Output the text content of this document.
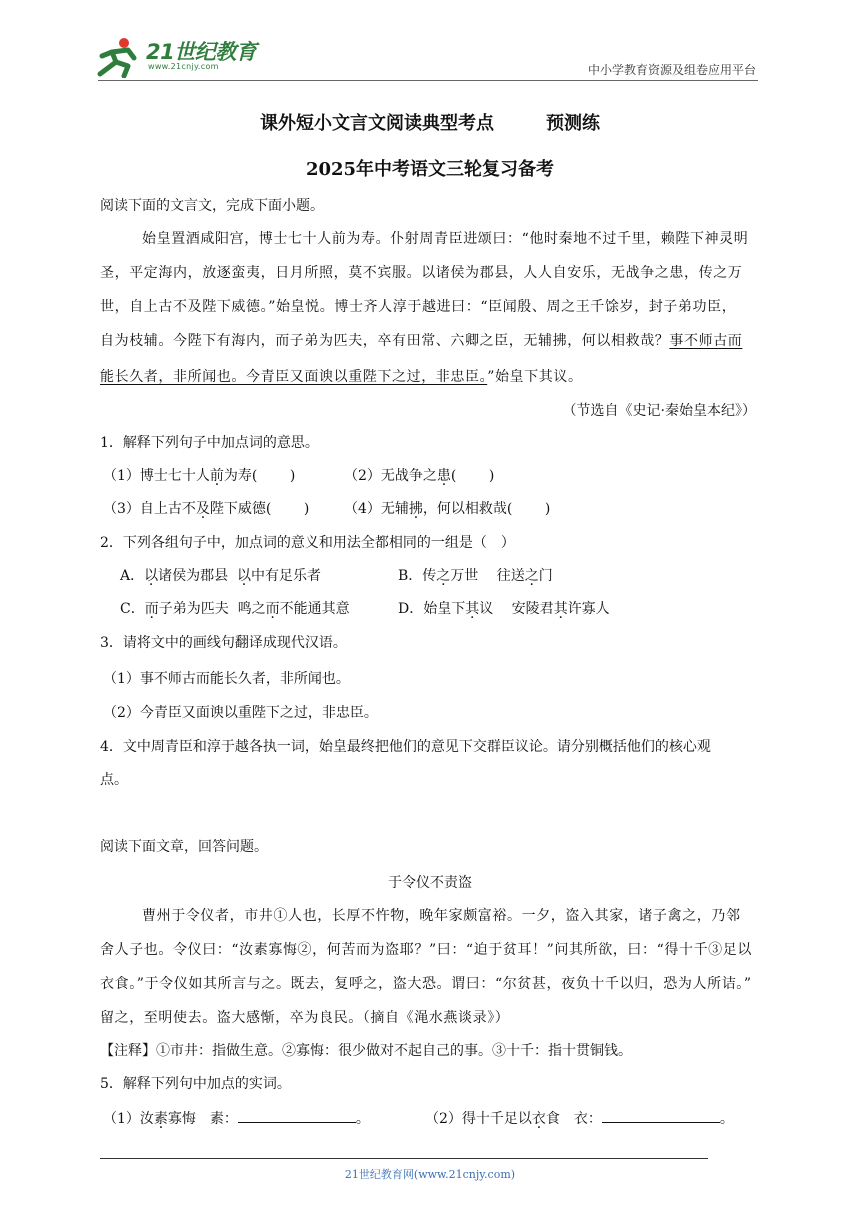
21世纪教育
www.21cnjy.com	中小学教育资源及组卷应用平台
课外短小文言文阅读典型考点	预测练
2025年中考语文三轮复习备考
阅读下面的文言文，完成下面小题。
始皇置酒咸阳宫，博士七十人前为寿。仆射周青臣进颂曰：“他时秦地不过千里，赖陛下神灵明
圣，平定海内，放逐蛮夷，日月所照，莫不宾服。以诸侯为郡县，人人自安乐，无战争之患，传之万
世，自上古不及陛下威德。”始皇悦。博士齐人淳于越进曰：“臣闻殷、周之王千馀岁，封子弟功臣，
自为枝辅。今陛下有海内，而子弟为匹夫，卒有田常、六卿之臣，无辅拂，何以相救哉？事不师古而
能长久者，非所闻也。今青臣又面谀以重陛下之过，非忠臣。”始皇下其议。
（节选自《史记·秦始皇本纪》）
1．解释下列句子中加点词的意思。
（1）博士七十人前为寿(　　 )	（2）无战争之患(　　 )
（3）自上古不及陛下威德(　　 ) （4）无辅拂，何以相救哉(　　 )
2．下列各组句子中，加点词的意义和用法全都相同的一组是（　）
A．以诸侯为郡县  以中有足乐者	B．传之万世　 往送之门
C．而子弟为匹夫  鸣之而不能通其意	D．始皇下其议　 安陵君其许寡人
3．请将文中的画线句翻译成现代汉语。
（1）事不师古而能长久者，非所闻也。
（2）今青臣又面谀以重陛下之过，非忠臣。
4．文中周青臣和淳于越各执一词，始皇最终把他们的意见下交群臣议论。请分别概括他们的核心观
点。
阅读下面文章，回答问题。
于令仪不责盗
曹州于令仪者，市井①人也，长厚不忤物，晚年家颇富裕。一夕，盗入其家，诸子禽之，乃邻
舍人子也。令仪曰：“汝素寡悔②，何苦而为盗耶？”曰：“迫于贫耳！”问其所欲，曰：“得十千③足以
衣食。”于令仪如其所言与之。既去，复呼之，盗大恐。谓曰：“尔贫甚，夜负十千以归，恐为人所诘。”
留之，至明使去。盗大感惭，卒为良民。（摘自《渑水燕谈录》）
【注释】①市井：指做生意。②寡悔：很少做对不起自己的事。③十千：指十贯铜钱。
5．解释下列句中加点的实词。
（1）汝素寡悔　素：	。	（2）得十千足以衣食　衣：	。
21世纪教育网(www.21cnjy.com)
